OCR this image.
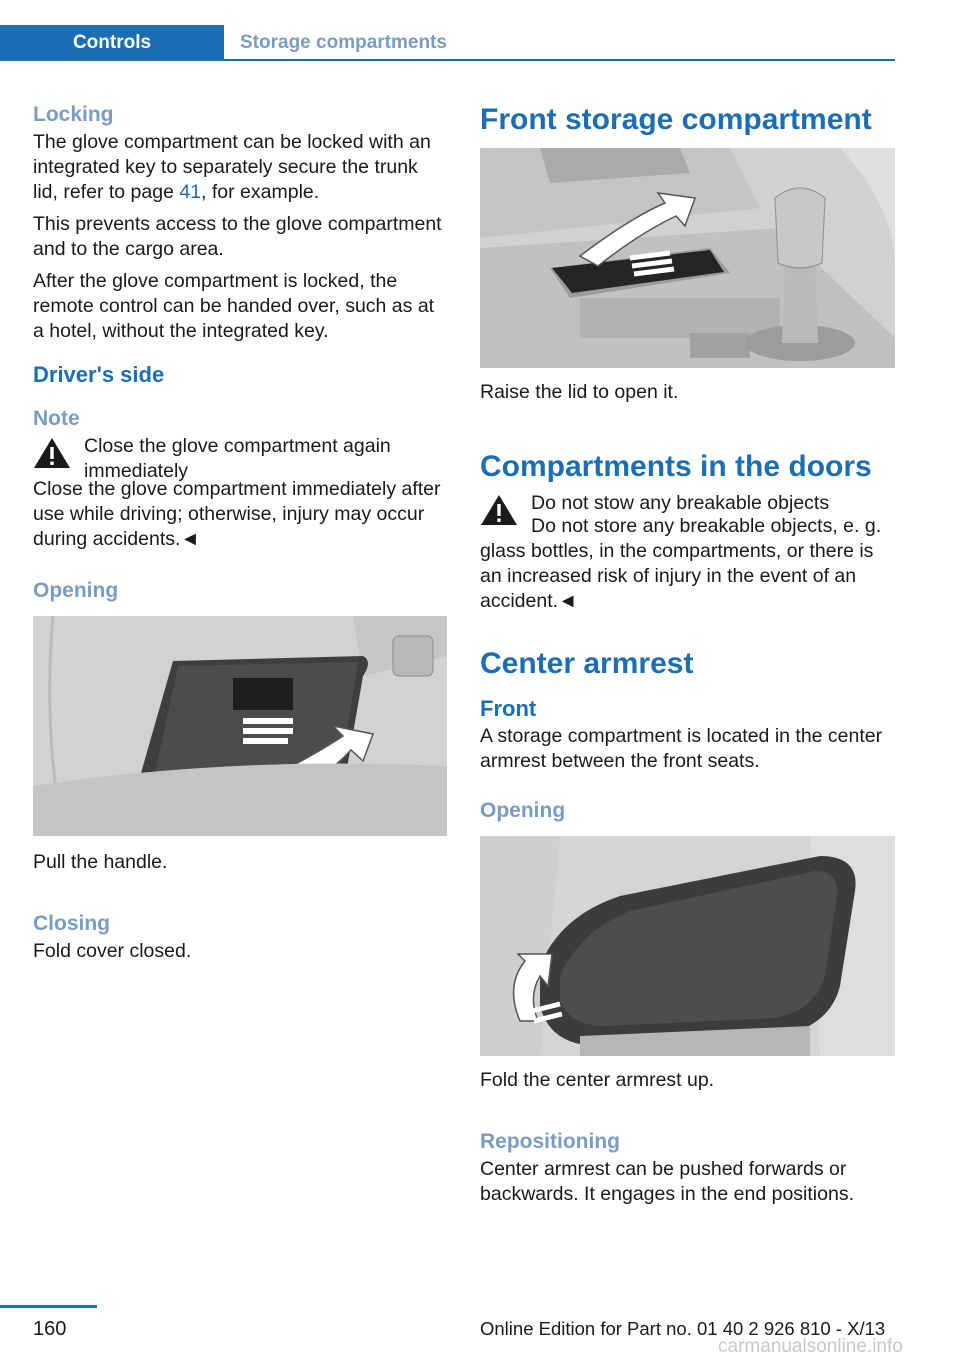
Controls	Storage compartments
Locking

The glove compartment can be locked with an integrated key to separately secure the trunk lid, refer to page 41, for example.

This prevents access to the glove compartment and to the cargo area.

After the glove compartment is locked, the remote control can be handed over, such as at a hotel, without the integrated key.

Driver's side
Note

Close the glove compartment again immediately

Close the glove compartment immediately after use while driving; otherwise, injury may occur during accidents.◄

Opening

Pull the handle.

Closing

Fold cover closed.

Front storage compartment

Raise the lid to open it.

Compartments in the doors

Do not stow any breakable objects

Do not store any breakable objects, e. g. glass bottles, in the compartments, or there is an increased risk of injury in the event of an accident.◄

Center armrest
Front

A storage compartment is located in the center armrest between the front seats.

Opening

Fold the center armrest up.

Repositioning

Center armrest can be pushed forwards or backwards. It engages in the end positions.

160	Online Edition for Part no. 01 40 2 926 810 - X/13
carmanualsonline.info
